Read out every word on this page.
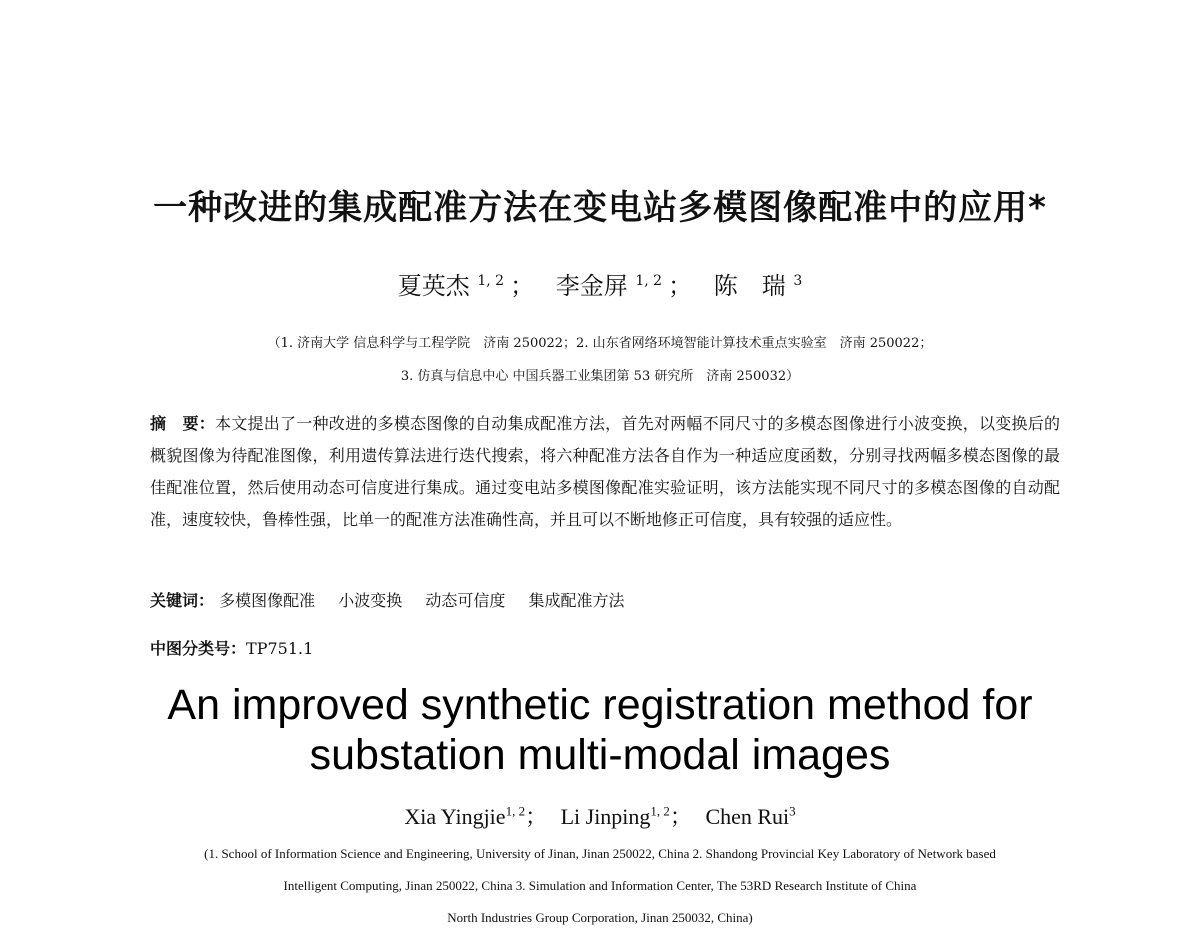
一种改进的集成配准方法在变电站多模图像配准中的应用*
夏英杰 $^{1, 2}$ ； 李金屏 $^{1, 2}$ ； 陈　瑞 $^3$
（1. 济南大学 信息科学与工程学院　济南 250022；2. 山东省网络环境智能计算技术重点实验室　济南 250022；
3. 仿真与信息中心 中国兵器工业集团第 53 研究所　济南 250032）
摘　要：本文提出了一种改进的多模态图像的自动集成配准方法，首先对两幅不同尺寸的多模态图像进行小波变换，以变换后的概貌图像为待配准图像，利用遗传算法进行迭代搜索，将六种配准方法各自作为一种适应度函数，分别寻找两幅多模态图像的最佳配准位置，然后使用动态可信度进行集成。通过变电站多模图像配准实验证明，该方法能实现不同尺寸的多模态图像的自动配准，速度较快，鲁棒性强，比单一的配准方法准确性高，并且可以不断地修正可信度，具有较强的适应性。
关键词： 多模图像配准 小波变换 动态可信度 集成配准方法
中图分类号：TP751.1
An improved synthetic registration method for
substation multi-modal images
Xia Yingjie$^{1, 2}$； Li Jinping$^{1, 2}$； Chen Rui$^3$
(1. School of Information Science and Engineering, University of Jinan, Jinan 250022, China 2. Shandong Provincial Key Laboratory of Network based
Intelligent Computing, Jinan 250022, China 3. Simulation and Information Center, The 53RD Research Institute of China
North Industries Group Corporation, Jinan 250032, China)
